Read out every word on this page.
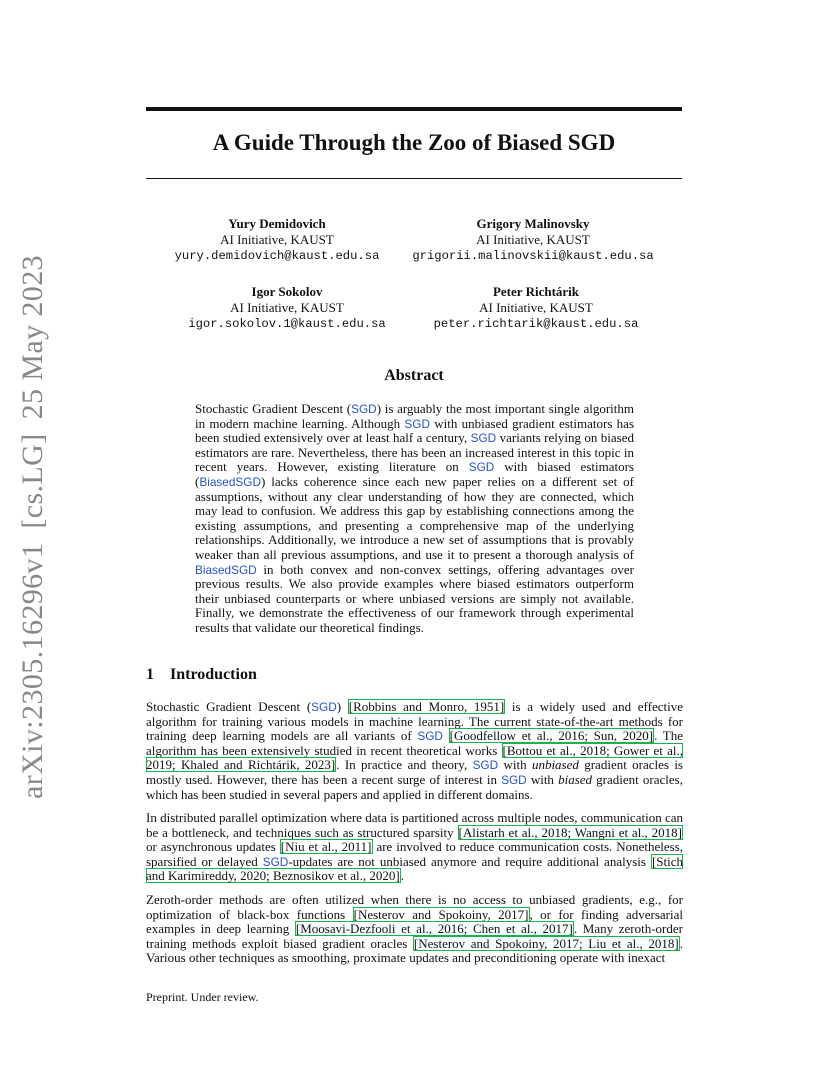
arXiv:2305.16296v1[cs.LG]25 May 2023
A Guide Through the Zoo of Biased SGD
Yury Demidovich
AI Initiative, KAUST
yury.demidovich@kaust.edu.sa
Grigory Malinovsky
AI Initiative, KAUST
grigorii.malinovskii@kaust.edu.sa
Igor Sokolov
AI Initiative, KAUST
igor.sokolov.1@kaust.edu.sa
Peter Richtárik
AI Initiative, KAUST
peter.richtarik@kaust.edu.sa
Abstract
Stochastic Gradient Descent (SGD) is arguably the most important single algorithm in modern machine learning. Although SGD with unbiased gradient estimators has been studied extensively over at least half a century, SGD variants relying on biased estimators are rare. Nevertheless, there has been an increased interest in this topic in recent years. However, existing literature on SGD with biased estimators (BiasedSGD) lacks coherence since each new paper relies on a different set of assumptions, without any clear understanding of how they are connected, which may lead to confusion. We address this gap by establishing connections among the existing assumptions, and presenting a comprehensive map of the underlying relationships. Additionally, we introduce a new set of assumptions that is provably weaker than all previous assumptions, and use it to present a thorough analysis of BiasedSGD in both convex and non-convex settings, offering advantages over previous results. We also provide examples where biased estimators outperform their unbiased counterparts or where unbiased versions are simply not available. Finally, we demonstrate the effectiveness of our framework through experimental results that validate our theoretical findings.
1 Introduction
Stochastic Gradient Descent (SGD) [Robbins and Monro, 1951] is a widely used and effective algorithm for training various models in machine learning. The current state-of-the-art methods for training deep learning models are all variants of SGD [Goodfellow et al., 2016; Sun, 2020]. The algorithm has been extensively studied in recent theoretical works [Bottou et al., 2018; Gower et al., 2019; Khaled and Richtárik, 2023]. In practice and theory, SGD with unbiased gradient oracles is mostly used. However, there has been a recent surge of interest in SGD with biased gradient oracles, which has been studied in several papers and applied in different domains.
In distributed parallel optimization where data is partitioned across multiple nodes, communication can be a bottleneck, and techniques such as structured sparsity [Alistarh et al., 2018; Wangni et al., 2018] or asynchronous updates [Niu et al., 2011] are involved to reduce communication costs. Nonetheless, sparsified or delayed SGD-updates are not unbiased anymore and require additional analysis [Stich and Karimireddy, 2020; Beznosikov et al., 2020].
Zeroth-order methods are often utilized when there is no access to unbiased gradients, e.g., for optimization of black-box functions [Nesterov and Spokoiny, 2017], or for finding adversarial examples in deep learning [Moosavi-Dezfooli et al., 2016; Chen et al., 2017]. Many zeroth-order training methods exploit biased gradient oracles [Nesterov and Spokoiny, 2017; Liu et al., 2018]. Various other techniques as smoothing, proximate updates and preconditioning operate with inexact
Preprint. Under review.
